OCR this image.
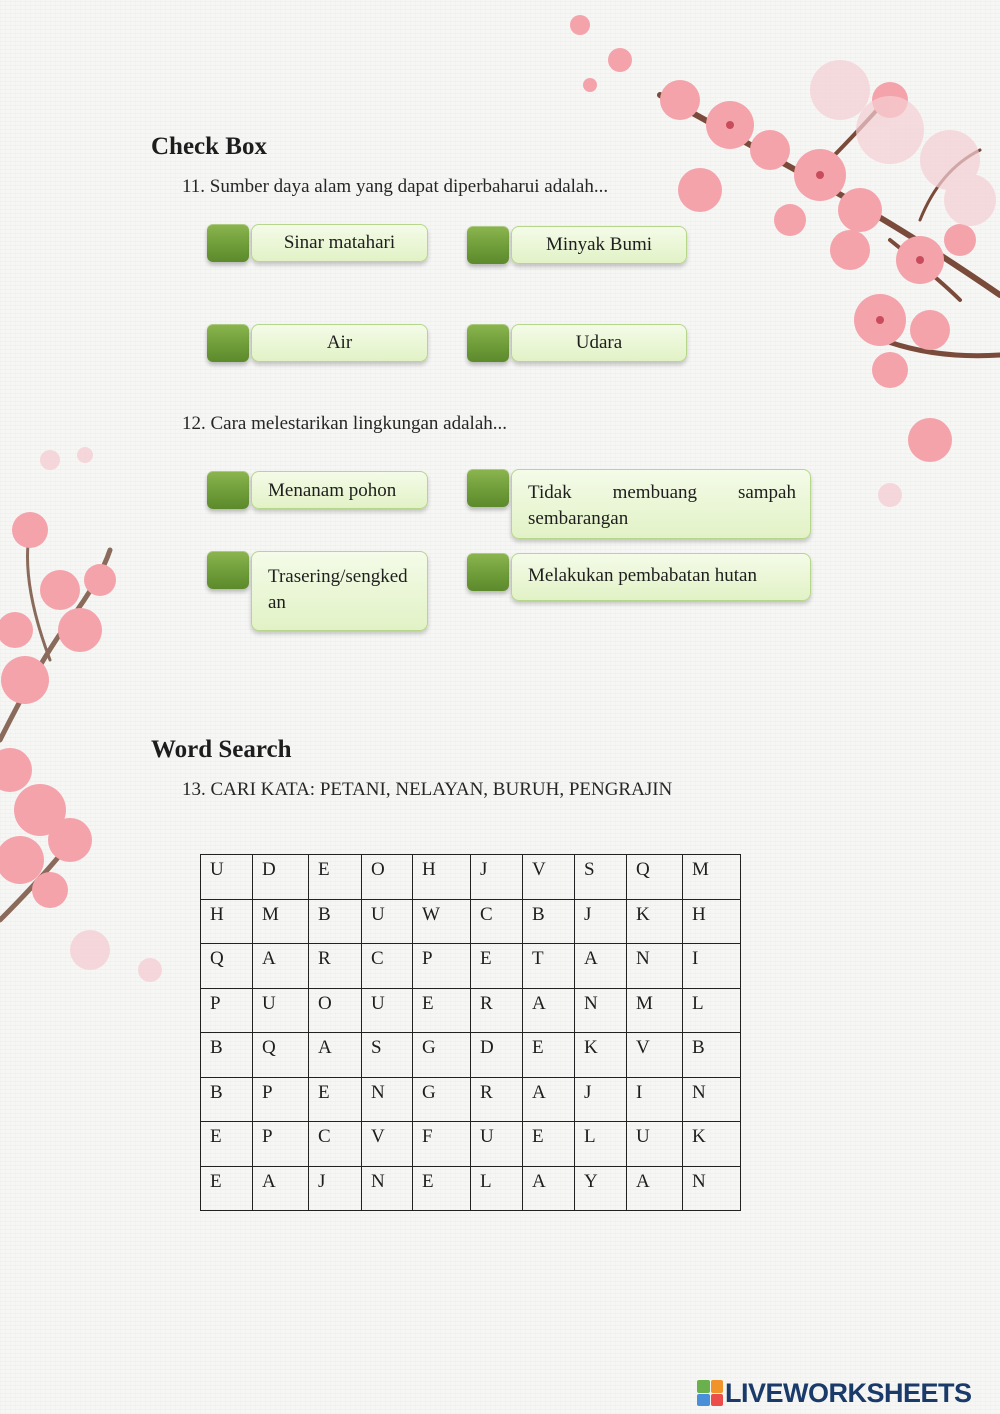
Check Box
11. Sumber daya alam yang dapat diperbaharui adalah...
Sinar matahari	Minyak Bumi
Air	Udara
12. Cara melestarikan lingkungan adalah...
Menanam pohon	Tidak membuang sampah sembarangan
Trasering/sengkedan
Melakukan pembabatan hutan
Word Search
13. CARI KATA: PETANI, NELAYAN, BURUH, PENGRAJIN
U	D	E	O	H	J	V	S	Q	M
H	M	B	U	W	C	B	J	K	H
Q	A	R	C	P	E	T	A	N	I
P	U	O	U	E	R	A	N	M	L
B	Q	A	S	G	D	E	K	V	B
B	P	E	N	G	R	A	J	I	N
E	P	C	V	F	U	E	L	U	K
E	A	J	N	E	L	A	Y	A	N
LIVEWORKSHEETS
